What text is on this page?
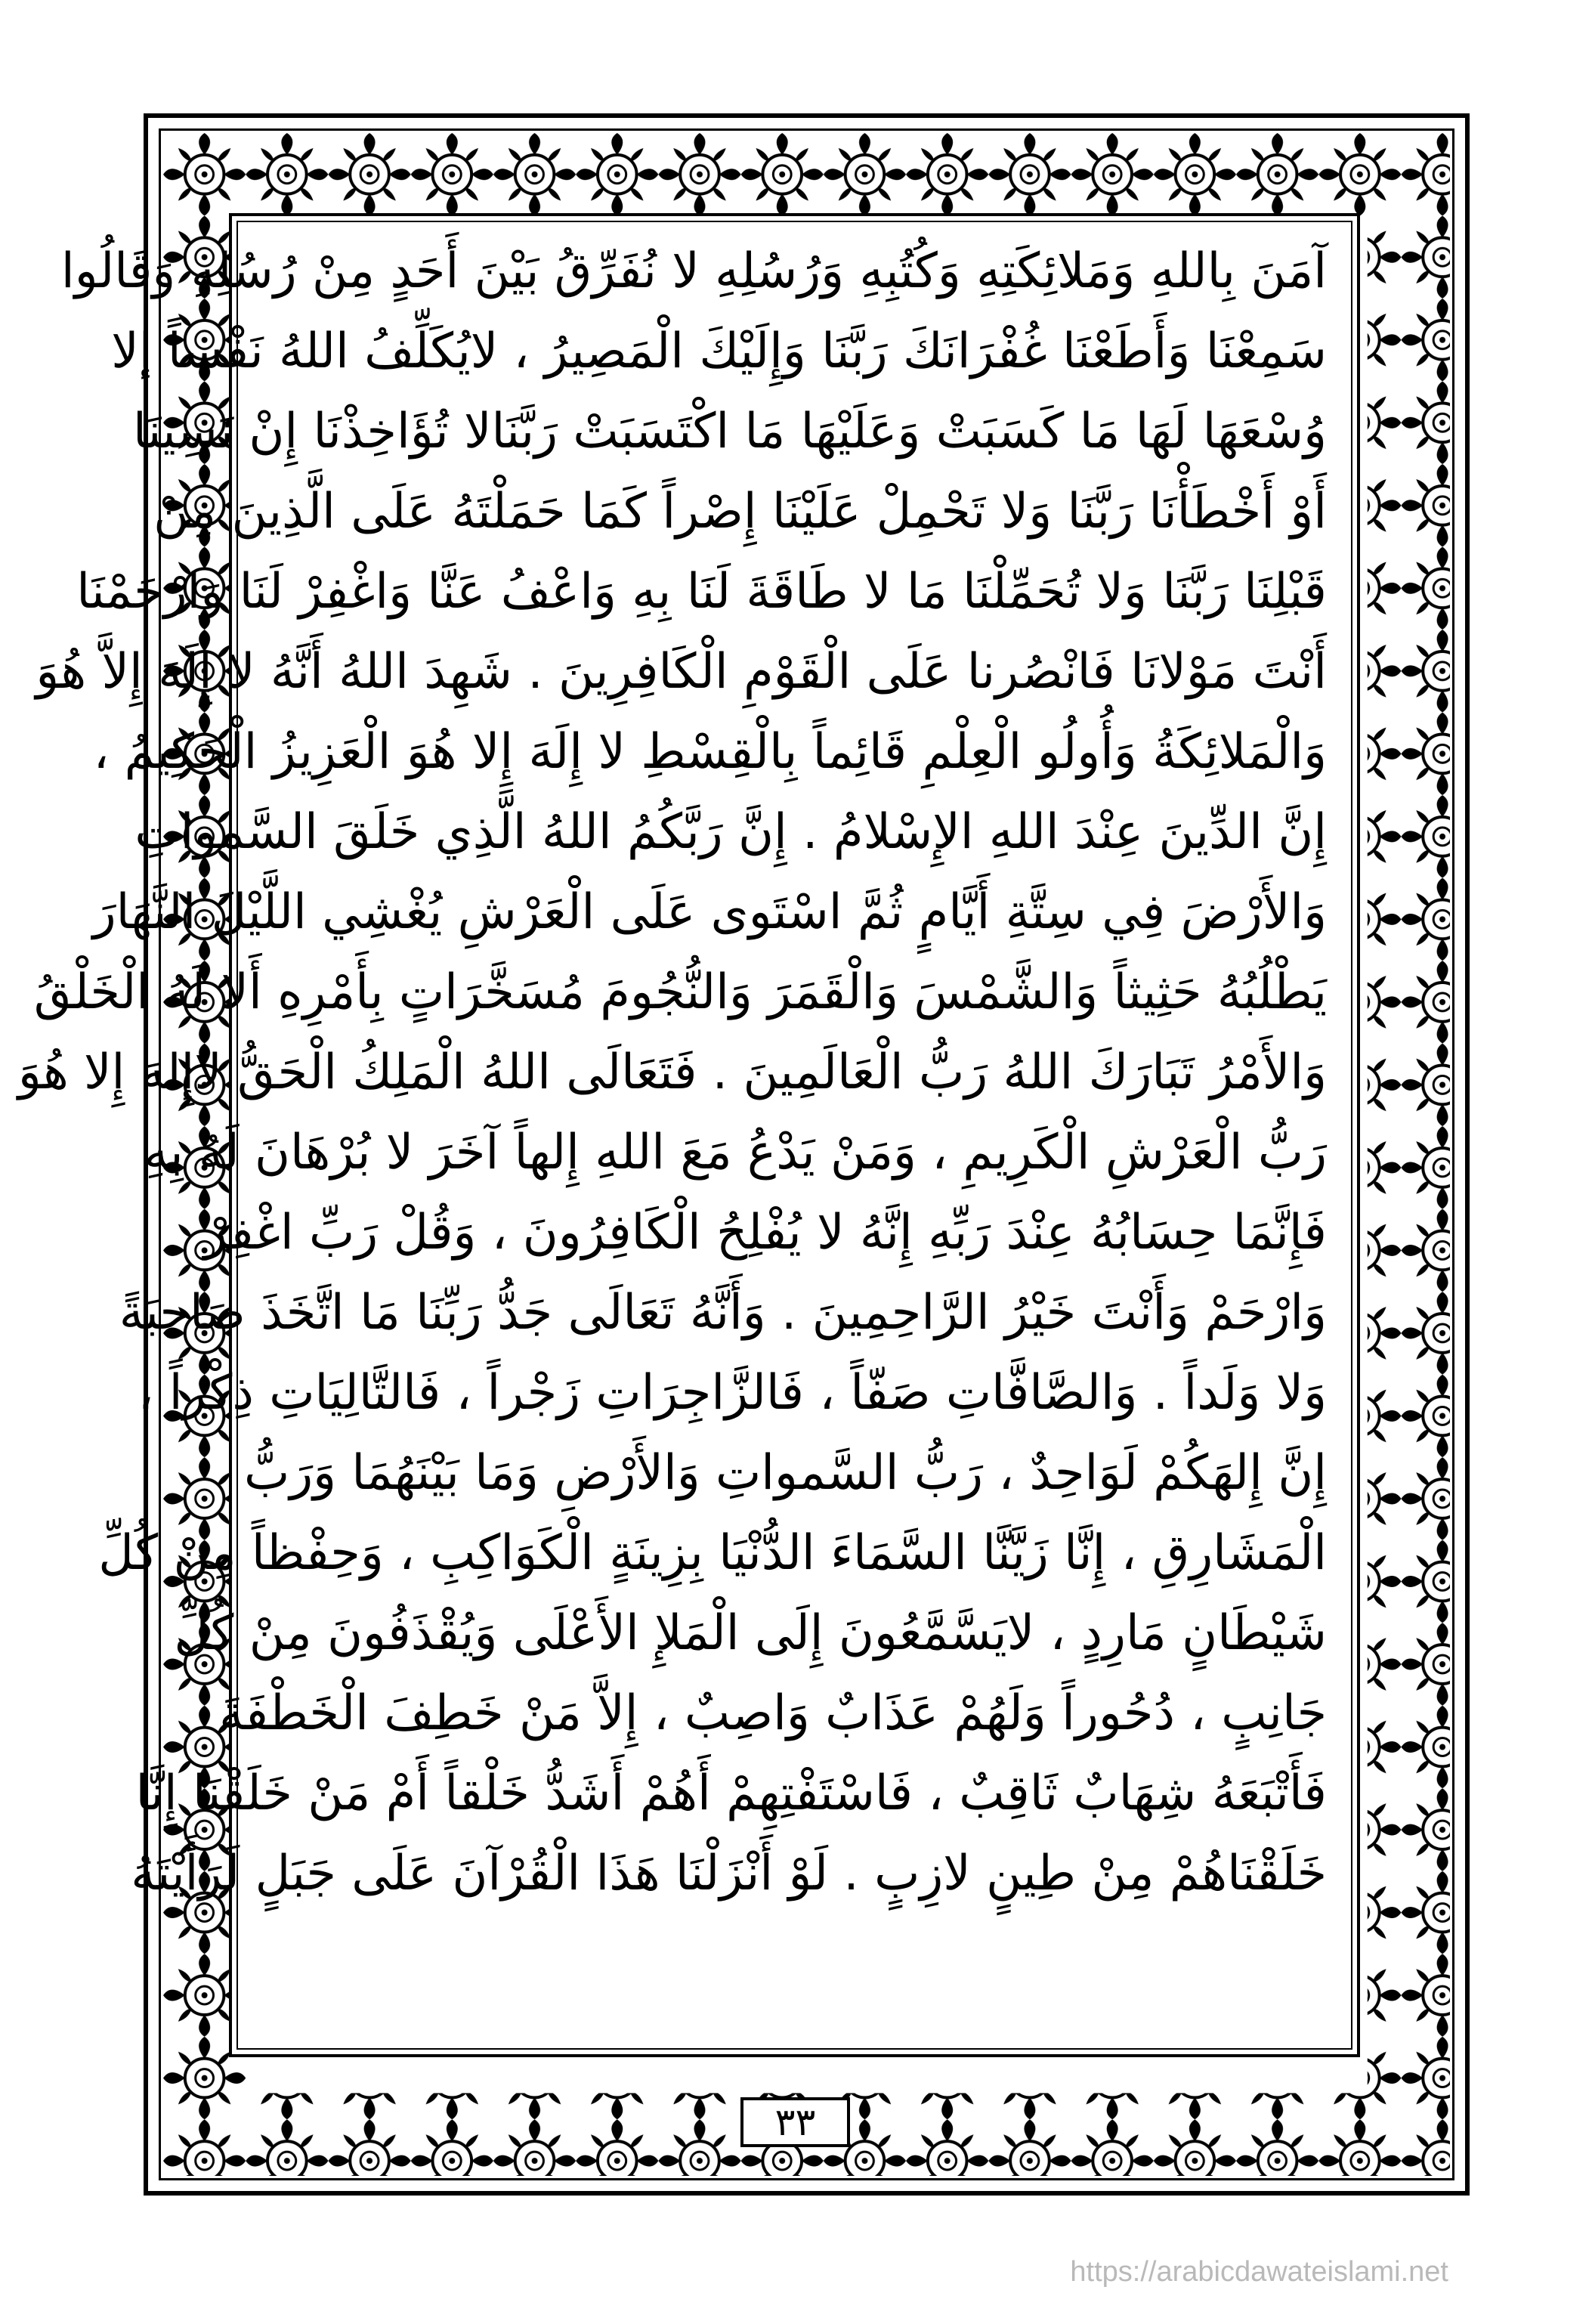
آمَنَ بِاللهِ وَمَلائِكَتِهِ وَكُتُبِهِ وَرُسُلِهِ لا نُفَرِّقُ بَيْنَ أَحَدٍ مِنْ رُسُلِهِ وَقَالُوا
سَمِعْنَا وَأَطَعْنَا غُفْرَانَكَ رَبَّنَا وَإِلَيْكَ الْمَصِيرُ ، لايُكَلِّفُ اللهُ نَفْساً إلا
وُسْعَهَا لَهَا مَا كَسَبَتْ وَعَلَيْهَا مَا اكْتَسَبَتْ رَبَّنَالا تُؤَاخِذْنَا إِنْ نَسِينَا
أَوْ أَخْطَأْنَا رَبَّنَا وَلا تَحْمِلْ عَلَيْنَا إِصْراً كَمَا حَمَلْتَهُ عَلَى الَّذِينَ مِنْ
قَبْلِنَا رَبَّنَا وَلا تُحَمِّلْنَا مَا لا طَاقَةَ لَنَا بِهِ وَاعْفُ عَنَّا وَاغْفِرْ لَنَا وَارْحَمْنَا
أَنْتَ مَوْلانَا فَانْصُرنا عَلَى الْقَوْمِ الْكَافِرِينَ . شَهِدَ اللهُ أَنَّهُ لا إِلَهَ إِلاَّ هُوَ
وَالْمَلائِكَةُ وَأُولُو الْعِلْمِ قَائِماً بِالْقِسْطِ لا إِلَهَ إِلا هُوَ الْعَزِيزُ الْحَكِيمُ ،
إِنَّ الدِّينَ عِنْدَ اللهِ الإِسْلامُ . إِنَّ رَبَّكُمُ اللهُ الَّذِي خَلَقَ السَّمواتِ
وَالأَرْضَ فِي سِتَّةِ أَيَّامٍ ثُمَّ اسْتَوى عَلَى الْعَرْشِ يُغْشِي اللَّيْلَ النَّهَارَ
يَطْلُبُهُ حَثِيثاً وَالشَّمْسَ وَالْقَمَرَ وَالنُّجُومَ مُسَخَّرَاتٍ بِأَمْرِهِ أَلا لَهُ الْخَلْقُ
وَالأَمْرُ تَبَارَكَ اللهُ رَبُّ الْعَالَمِينَ . فَتَعَالَى اللهُ الْمَلِكُ الْحَقُّ لاإِلهَ إِلا هُوَ
رَبُّ الْعَرْشِ الْكَرِيمِ ، وَمَنْ يَدْعُ مَعَ اللهِ إِلهاً آخَرَ لا بُرْهَانَ لَهُ بِهِ
فَإِنَّمَا حِسَابُهُ عِنْدَ رَبِّهِ إِنَّهُ لا يُفْلِحُ الْكَافِرُونَ ، وَقُلْ رَبِّ اغْفِرْ
وَارْحَمْ وَأَنْتَ خَيْرُ الرَّاحِمِينَ . وَأَنَّهُ تَعَالَى جَدُّ رَبِّنَا مَا اتَّخَذَ صَاحِبَةً
وَلا وَلَداً . وَالصَّافَّاتِ صَفّاً ، فَالزَّاجِرَاتِ زَجْراً ، فَالتَّالِيَاتِ ذِكْراً ،
إِنَّ إِلهَكُمْ لَوَاحِدٌ ، رَبُّ السَّمواتِ وَالأَرْضِ وَمَا بَيْنَهُمَا وَرَبُّ
الْمَشَارِقِ ، إِنَّا زَيَّنَّا السَّمَاءَ الدُّنْيَا بِزِينَةٍ الْكَوَاكِبِ ، وَحِفْظاً مِنْ كُلِّ
شَيْطَانٍ مَارِدٍ ، لايَسَّمَّعُونَ إِلَى الْمَلإِ الأَعْلَى وَيُقْذَفُونَ مِنْ كُلِّ
جَانِبٍ ، دُحُوراً وَلَهُمْ عَذَابٌ وَاصِبٌ ، إِلاَّ مَنْ خَطِفَ الْخَطْفَةَ
فَأَتْبَعَهُ شِهَابٌ ثَاقِبٌ ، فَاسْتَفْتِهِمْ أَهُمْ أَشَدُّ خَلْقاً أَمْ مَنْ خَلَقْنَا إِنَّا
خَلَقْنَاهُمْ مِنْ طِينٍ لازِبٍ . لَوْ أَنْزَلْنَا هَذَا الْقُرْآنَ عَلَى جَبَلٍ لَرَأَيْتَهُ
٣٣
https://arabicdawateislami.net
